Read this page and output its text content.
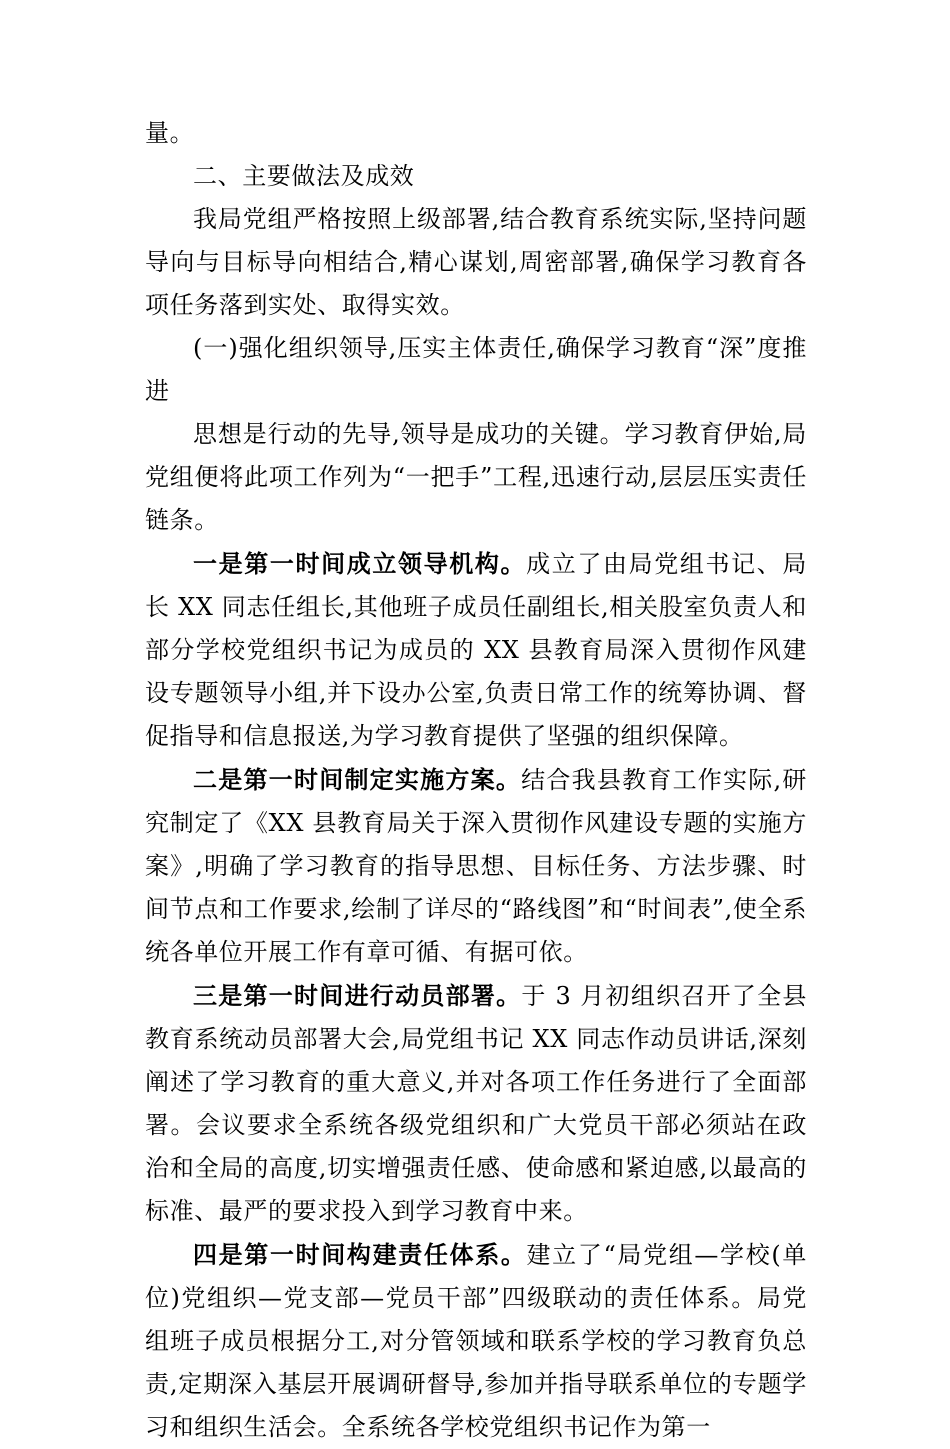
量。

二、主要做法及成效

我局党组严格按照上级部署,结合教育系统实际,坚持问题导向与目标导向相结合,精心谋划,周密部署,确保学习教育各项任务落到实处、取得实效。

(一)强化组织领导,压实主体责任,确保学习教育“深”度推进

思想是行动的先导,领导是成功的关键。学习教育伊始,局党组便将此项工作列为“一把手”工程,迅速行动,层层压实责任链条。

一是第一时间成立领导机构。成立了由局党组书记、局长 XX 同志任组长,其他班子成员任副组长,相关股室负责人和部分学校党组织书记为成员的 XX 县教育局深入贯彻作风建设专题领导小组,并下设办公室,负责日常工作的统筹协调、督促指导和信息报送,为学习教育提供了坚强的组织保障。

二是第一时间制定实施方案。结合我县教育工作实际,研究制定了《XX 县教育局关于深入贯彻作风建设专题的实施方案》,明确了学习教育的指导思想、目标任务、方法步骤、时间节点和工作要求,绘制了详尽的“路线图”和“时间表”,使全系统各单位开展工作有章可循、有据可依。

三是第一时间进行动员部署。于 3 月初组织召开了全县教育系统动员部署大会,局党组书记 XX 同志作动员讲话,深刻阐述了学习教育的重大意义,并对各项工作任务进行了全面部署。会议要求全系统各级党组织和广大党员干部必须站在政治和全局的高度,切实增强责任感、使命感和紧迫感,以最高的标准、最严的要求投入到学习教育中来。

四是第一时间构建责任体系。建立了“局党组—学校(单位)党组织—党支部—党员干部”四级联动的责任体系。局党组班子成员根据分工,对分管领域和联系学校的学习教育负总责,定期深入基层开展调研督导,参加并指导联系单位的专题学习和组织生活会。全系统各学校党组织书记作为第一
